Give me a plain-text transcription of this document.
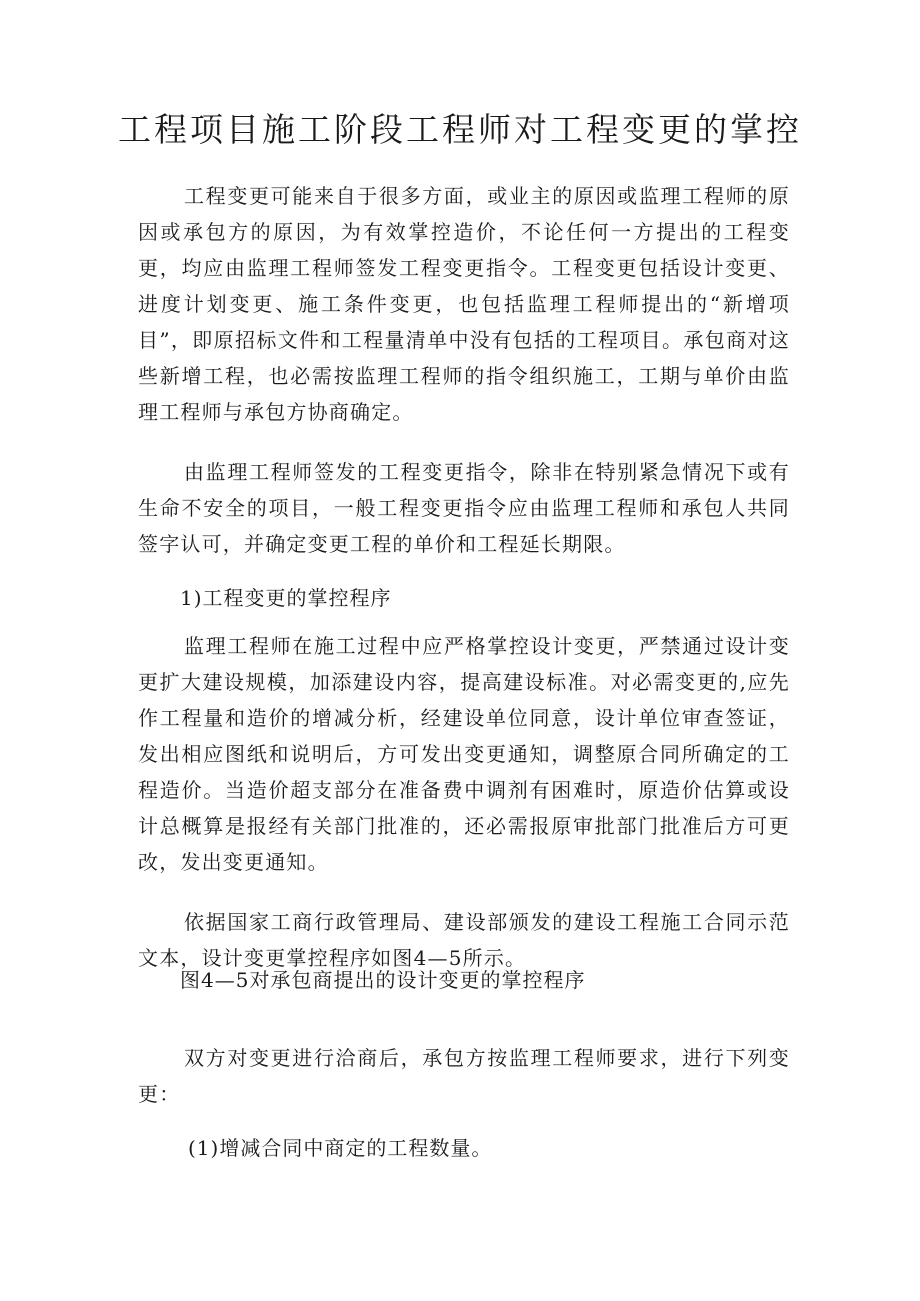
工程项目施工阶段工程师对工程变更的掌控

工程变更可能来自于很多方面，或业主的原因或监理工程师的原因或承包方的原因，为有效掌控造价，不论任何一方提出的工程变更，均应由监理工程师签发工程变更指令。工程变更包括设计变更、进度计划变更、施工条件变更，也包括监理工程师提出的“新增项目”，即原招标文件和工程量清单中没有包括的工程项目。承包商对这些新增工程，也必需按监理工程师的指令组织施工，工期与单价由监理工程师与承包方协商确定。

由监理工程师签发的工程变更指令，除非在特别紧急情况下或有生命不安全的项目，一般工程变更指令应由监理工程师和承包人共同签字认可，并确定变更工程的单价和工程延长期限。

1)工程变更的掌控程序

监理工程师在施工过程中应严格掌控设计变更，严禁通过设计变更扩大建设规模，加添建设内容，提高建设标准。对必需变更的,应先作工程量和造价的增减分析，经建设单位同意，设计单位审查签证，发出相应图纸和说明后，方可发出变更通知，调整原合同所确定的工程造价。当造价超支部分在准备费中调剂有困难时，原造价估算或设计总概算是报经有关部门批准的，还必需报原审批部门批准后方可更改，发出变更通知。

依据国家工商行政管理局、建设部颁发的建设工程施工合同示范文本，设计变更掌控程序如图4—5所示。

图4—5对承包商提出的设计变更的掌控程序

双方对变更进行洽商后，承包方按监理工程师要求，进行下列变更：

(1)增减合同中商定的工程数量。
